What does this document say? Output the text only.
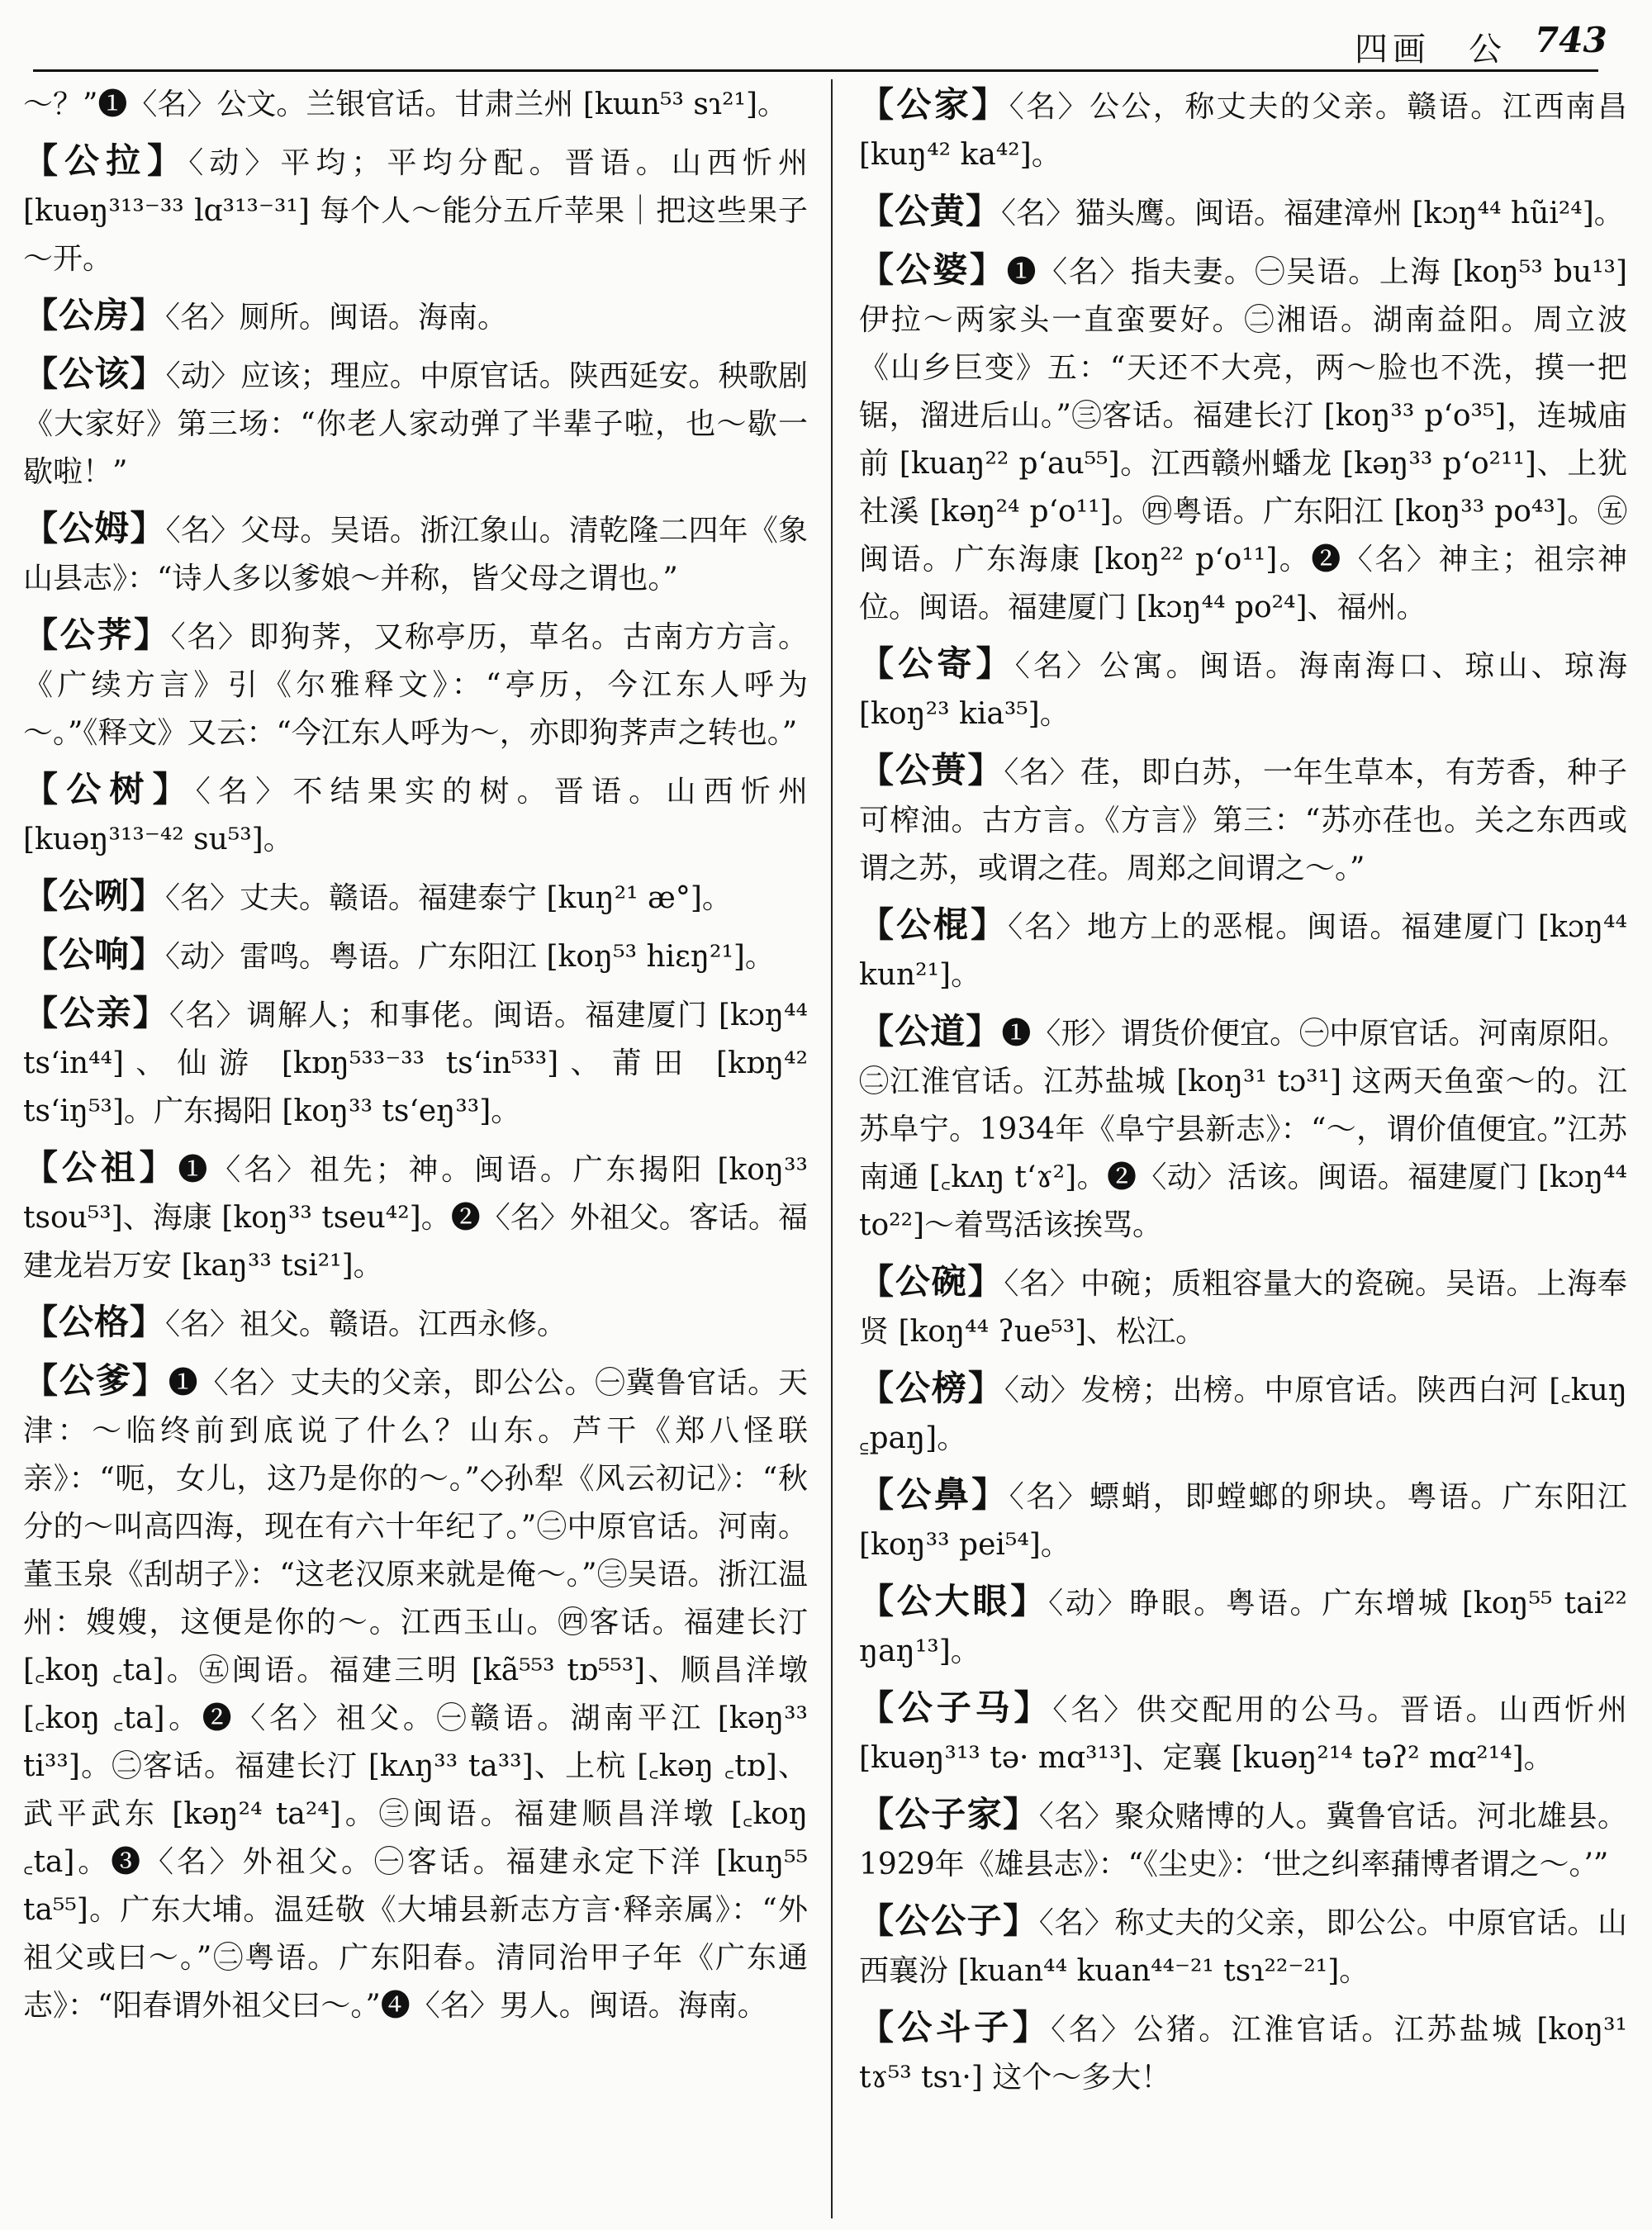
四画　公 743
～？”❶〈名〉公文。兰银官话。甘肃兰州 [kɯn⁵³ sɿ²¹]。
【公拉】〈动〉平均；平均分配。晋语。山西忻州 [kuəŋ³¹³⁻³³ lɑ³¹³⁻³¹] 每个人～能分五斤苹果｜把这些果子～开。
【公房】〈名〉厕所。闽语。海南。
【公该】〈动〉应该；理应。中原官话。陕西延安。秧歌剧《大家好》第三场：“你老人家动弹了半辈子啦，也～歇一歇啦！”
【公姆】〈名〉父母。吴语。浙江象山。清乾隆二四年《象山县志》：“诗人多以爹娘～并称，皆父母之谓也。”
【公荠】〈名〉即狗荠，又称亭历，草名。古南方方言。《广续方言》引《尔雅释文》：“亭历，今江东人呼为～。”《释文》又云：“今江东人呼为～，亦即狗荠声之转也。”
【公树】〈名〉不结果实的树。晋语。山西忻州 [kuəŋ³¹³⁻⁴² su⁵³]。
【公咧】〈名〉丈夫。赣语。福建泰宁 [kuŋ²¹ æ°]。
【公响】〈动〉雷鸣。粤语。广东阳江 [koŋ⁵³ hiɛŋ²¹]。
【公亲】〈名〉调解人；和事佬。闽语。福建厦门 [kɔŋ⁴⁴ tsʻin⁴⁴]、仙游 [kɒŋ⁵³³⁻³³ tsʻin⁵³³]、莆田 [kɒŋ⁴² tsʻiŋ⁵³]。广东揭阳 [koŋ³³ tsʻeŋ³³]。
【公祖】❶〈名〉祖先；神。闽语。广东揭阳 [koŋ³³ tsou⁵³]、海康 [koŋ³³ tseu⁴²]。❷〈名〉外祖父。客话。福建龙岩万安 [kaŋ³³ tsi²¹]。
【公格】〈名〉祖父。赣语。江西永修。
【公爹】❶〈名〉丈夫的父亲，即公公。㊀冀鲁官话。天津：～临终前到底说了什么？山东。芦干《郑八怪联亲》：“呃，女儿，这乃是你的～。”◇孙犁《风云初记》：“秋分的～叫高四海，现在有六十年纪了。”㊁中原官话。河南。董玉泉《刮胡子》：“这老汉原来就是俺～。”㊂吴语。浙江温州：嫂嫂，这便是你的～。江西玉山。㊃客话。福建长汀 [꜀koŋ ꜀ta]。㊄闽语。福建三明 [kã⁵⁵³ tɒ⁵⁵³]、顺昌洋墩 [꜀koŋ ꜀ta]。❷〈名〉祖父。㊀赣语。湖南平江 [kəŋ³³ ti³³]。㊁客话。福建长汀 [kʌŋ³³ ta³³]、上杭 [꜀kəŋ ꜀tɒ]、武平武东 [kəŋ²⁴ ta²⁴]。㊂闽语。福建顺昌洋墩 [꜀koŋ ꜀ta]。❸〈名〉外祖父。㊀客话。福建永定下洋 [kuŋ⁵⁵ ta⁵⁵]。广东大埔。温廷敬《大埔县新志方言·释亲属》：“外祖父或曰～。”㊁粤语。广东阳春。清同治甲子年《广东通志》：“阳春谓外祖父曰～。”❹〈名〉男人。闽语。海南。
【公家】〈名〉公公，称丈夫的父亲。赣语。江西南昌 [kuŋ⁴² ka⁴²]。
【公黄】〈名〉猫头鹰。闽语。福建漳州 [kɔŋ⁴⁴ hũi²⁴]。
【公婆】❶〈名〉指夫妻。㊀吴语。上海 [koŋ⁵³ bu¹³] 伊拉～两家头一直蛮要好。㊁湘语。湖南益阳。周立波《山乡巨变》五：“天还不大亮，两～脸也不洗，摸一把锯，溜进后山。”㊂客话。福建长汀 [koŋ³³ pʻo³⁵]，连城庙前 [kuaŋ²² pʻau⁵⁵]。江西赣州蟠龙 [kəŋ³³ pʻo²¹¹]、上犹社溪 [kəŋ²⁴ pʻo¹¹]。㊃粤语。广东阳江 [koŋ³³ po⁴³]。㊄闽语。广东海康 [koŋ²² pʻo¹¹]。❷〈名〉神主；祖宗神位。闽语。福建厦门 [kɔŋ⁴⁴ po²⁴]、福州。
【公寄】〈名〉公寓。闽语。海南海口、琼山、琼海 [koŋ²³ kia³⁵]。
【公蒉】〈名〉荏，即白苏，一年生草本，有芳香，种子可榨油。古方言。《方言》第三：“苏亦荏也。关之东西或谓之苏，或谓之荏。周郑之间谓之～。”
【公棍】〈名〉地方上的恶棍。闽语。福建厦门 [kɔŋ⁴⁴ kun²¹]。
【公道】❶〈形〉谓货价便宜。㊀中原官话。河南原阳。㊁江淮官话。江苏盐城 [koŋ³¹ tɔ³¹] 这两天鱼蛮～的。江苏阜宁。1934年《阜宁县新志》：“～，谓价值便宜。”江苏南通 [꜀kʌŋ tʻɤ²]。❷〈动〉活该。闽语。福建厦门 [kɔŋ⁴⁴ to²²]～着骂活该挨骂。
【公碗】〈名〉中碗；质粗容量大的瓷碗。吴语。上海奉贤 [koŋ⁴⁴ ʔue⁵³]、松江。
【公榜】〈动〉发榜；出榜。中原官话。陕西白河 [꜀kuŋ ꜁paŋ]。
【公鼻】〈名〉螵蛸，即螳螂的卵块。粤语。广东阳江 [koŋ³³ pei⁵⁴]。
【公大眼】〈动〉睁眼。粤语。广东增城 [koŋ⁵⁵ tai²² ŋaŋ¹³]。
【公子马】〈名〉供交配用的公马。晋语。山西忻州 [kuəŋ³¹³ tə· mɑ³¹³]、定襄 [kuəŋ²¹⁴ təʔ² mɑ²¹⁴]。
【公子家】〈名〉聚众赌博的人。冀鲁官话。河北雄县。1929年《雄县志》：“《尘史》：‘世之纠率蒱博者谓之～。’”
【公公子】〈名〉称丈夫的父亲，即公公。中原官话。山西襄汾 [kuan⁴⁴ kuan⁴⁴⁻²¹ tsɿ²²⁻²¹]。
【公斗子】〈名〉公猪。江淮官话。江苏盐城 [koŋ³¹ tɤ⁵³ tsɿ·] 这个～多大！
